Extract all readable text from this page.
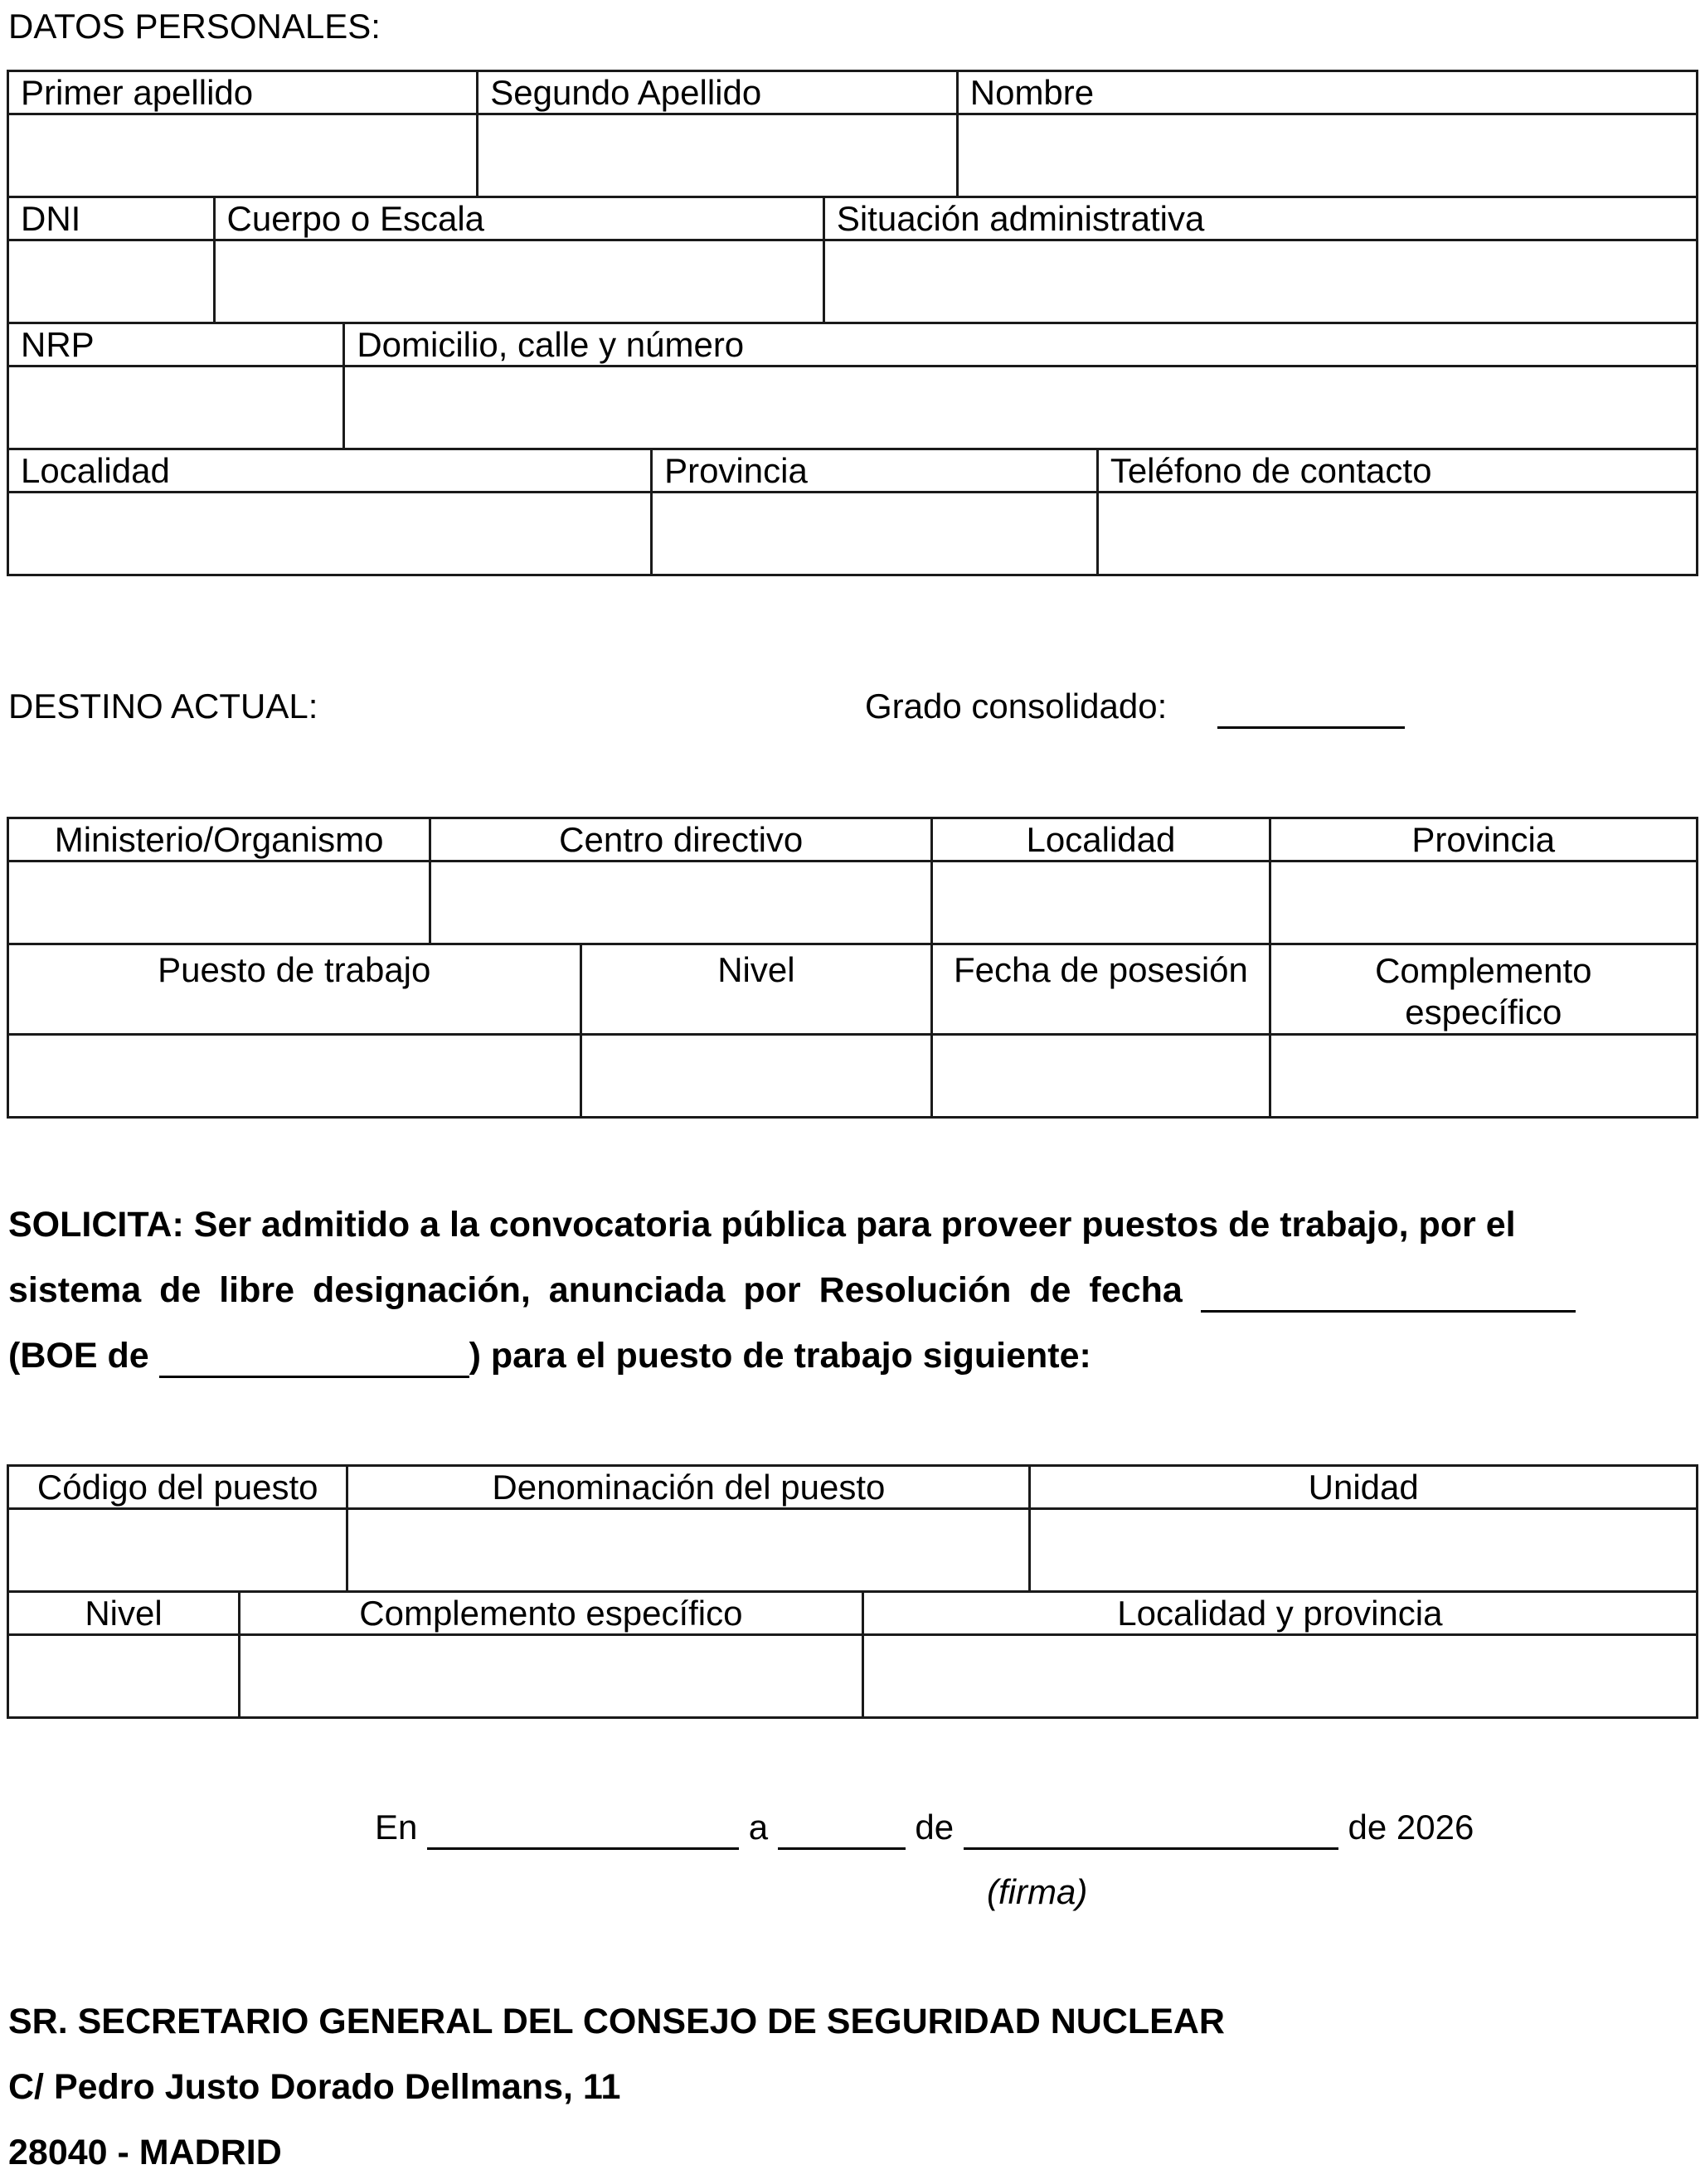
DATOS PERSONALES:
Primer apellido			Segundo Apellido			Nombre	

DNI	Cuerpo o Escala				Situación administrativa		

NRP		Domicilio, calle y número					

Localidad				Provincia			Teléfono de contacto

DESTINO ACTUAL:	Grado consolidado:
Ministerio/Organismo	Centro directivo		Localidad	Provincia

Puesto de trabajo		Nivel	Fecha de posesión	Complemento
específico

SOLICITA: Ser admitido a la convocatoria pública para proveer puestos de trabajo, por el
sistema de libre designación, anunciada por Resolución de fecha
(BOE de	) para el puesto de trabajo siguiente:
Código del puesto		Denominación del puesto		Unidad

Nivel	Complemento específico		Localidad y provincia	

En	a	de	de 2026
(firma)
SR. SECRETARIO GENERAL DEL CONSEJO DE SEGURIDAD NUCLEAR
C/ Pedro Justo Dorado Dellmans, 11
28040 - MADRID
